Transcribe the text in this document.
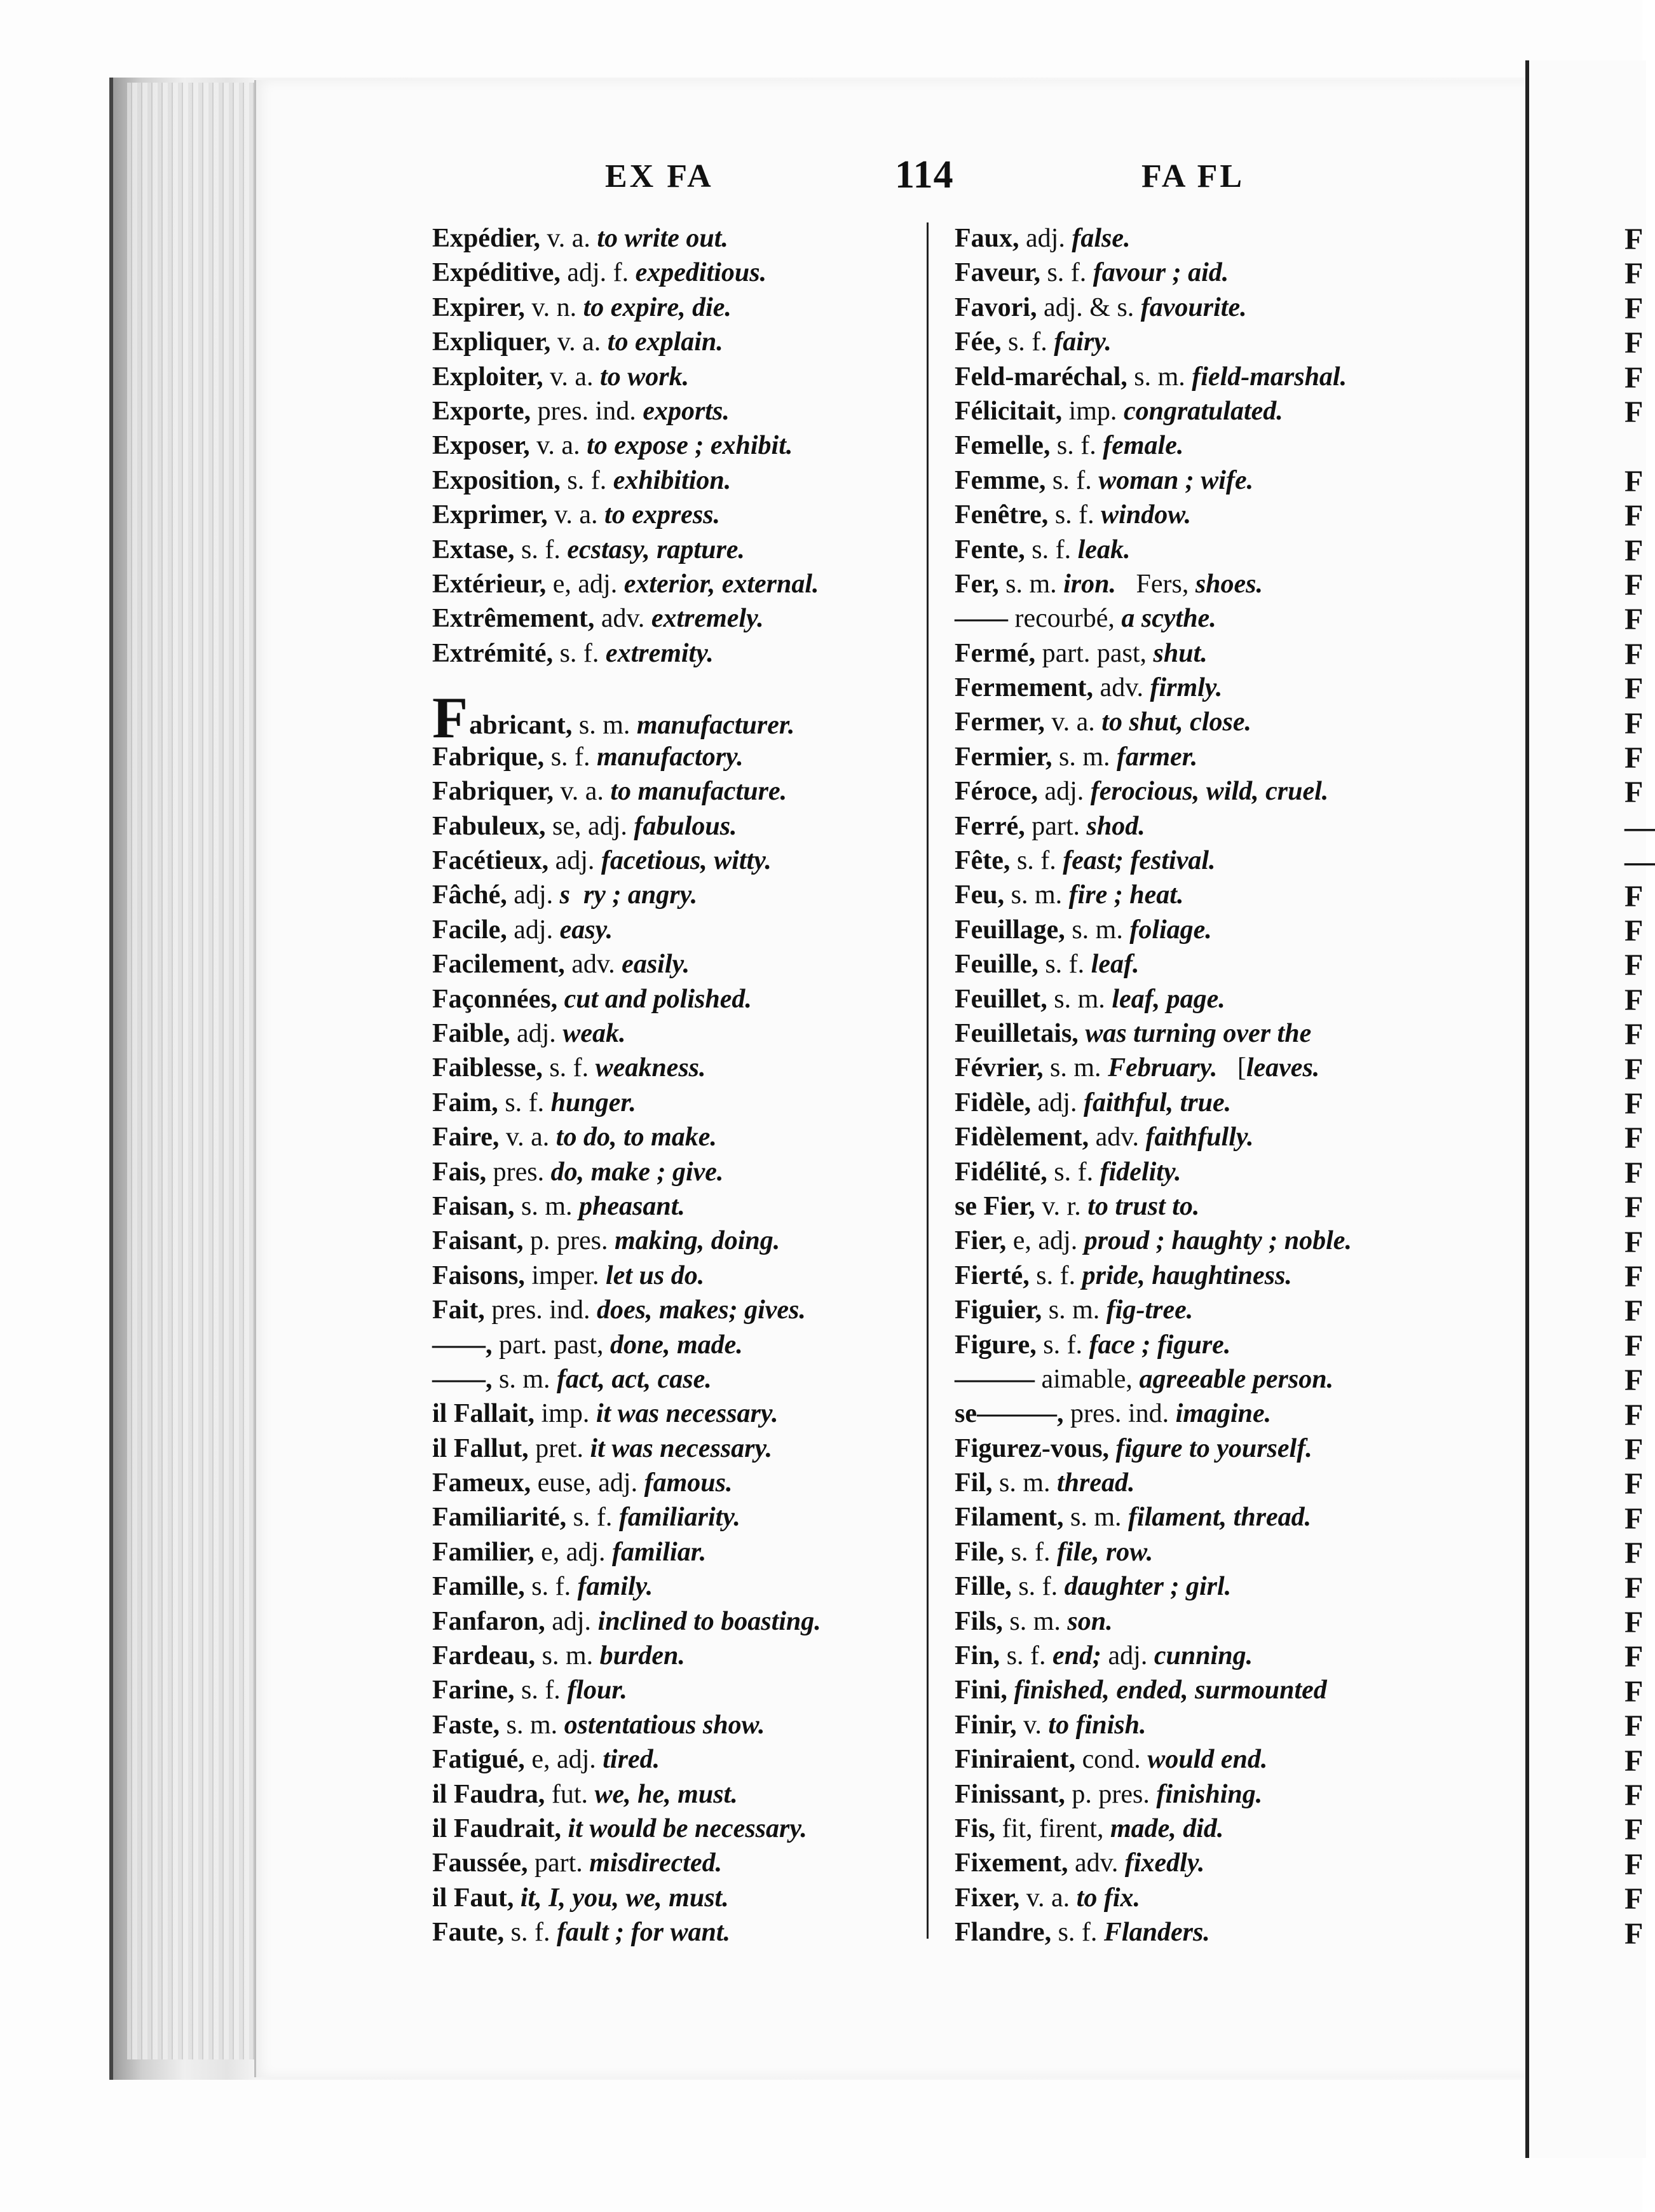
F
F
F
F
F
F
F
F
F
F
F
F
F
F
F
F
—
—
F
F
F
F
F
F
F
F
F
F
F
F
F
F
F
F
F
F
F
F
F
F
F
F
F
F
F
F
F
F
F
EX FA	114	FA FL
Expédier, v. a. to write out.
Expéditive, adj. f. expeditious.
Expirer, v. n. to expire, die.
Expliquer, v. a. to explain.
Exploiter, v. a. to work.
Exporte, pres. ind. exports.
Exposer, v. a. to expose ; exhibit.
Exposition, s. f. exhibition.
Exprimer, v. a. to express.
Extase, s. f. ecstasy, rapture.
Extérieur, e, adj. exterior, external.
Extrêmement, adv. extremely.
Extrémité, s. f. extremity.
Fabricant, s. m. manufacturer.
Fabrique, s. f. manufactory.
Fabriquer, v. a. to manufacture.
Fabuleux, se, adj. fabulous.
Facétieux, adj. facetious, witty.
Fâché, adj. s  ry ; angry.
Facile, adj. easy.
Facilement, adv. easily.
Façonnées, cut and polished.
Faible, adj. weak.
Faiblesse, s. f. weakness.
Faim, s. f. hunger.
Faire, v. a. to do, to make.
Fais, pres. do, make ; give.
Faisan, s. m. pheasant.
Faisant, p. pres. making, doing.
Faisons, imper. let us do.
Fait, pres. ind. does, makes; gives.
——, part. past, done, made.
——, s. m. fact, act, case.
il Fallait, imp. it was necessary.
il Fallut, pret. it was necessary.
Fameux, euse, adj. famous.
Familiarité, s. f. familiarity.
Familier, e, adj. familiar.
Famille, s. f. family.
Fanfaron, adj. inclined to boasting.
Fardeau, s. m. burden.
Farine, s. f. flour.
Faste, s. m. ostentatious show.
Fatigué, e, adj. tired.
il Faudra, fut. we, he, must.
il Faudrait, it would be necessary.
Faussée, part. misdirected.
il Faut, it, I, you, we, must.
Faute, s. f. fault ; for want.
Faux, adj. false.
Faveur, s. f. favour ; aid.
Favori, adj. & s. favourite.
Fée, s. f. fairy.
Feld-maréchal, s. m. field-marshal.
Félicitait, imp. congratulated.
Femelle, s. f. female.
Femme, s. f. woman ; wife.
Fenêtre, s. f. window.
Fente, s. f. leak.
Fer, s. m. iron.   Fers, shoes.
—— recourbé, a scythe.
Fermé, part. past, shut.
Fermement, adv. firmly.
Fermer, v. a. to shut, close.
Fermier, s. m. farmer.
Féroce, adj. ferocious, wild, cruel.
Ferré, part. shod.
Fête, s. f. feast; festival.
Feu, s. m. fire ; heat.
Feuillage, s. m. foliage.
Feuille, s. f. leaf.
Feuillet, s. m. leaf, page.
Feuilletais, was turning over the
Février, s. m. February.   [leaves.
Fidèle, adj. faithful, true.
Fidèlement, adv. faithfully.
Fidélité, s. f. fidelity.
se Fier, v. r. to trust to.
Fier, e, adj. proud ; haughty ; noble.
Fierté, s. f. pride, haughtiness.
Figuier, s. m. fig-tree.
Figure, s. f. face ; figure.
——— aimable, agreeable person.
se———, pres. ind. imagine.
Figurez-vous, figure to yourself.
Fil, s. m. thread.
Filament, s. m. filament, thread.
File, s. f. file, row.
Fille, s. f. daughter ; girl.
Fils, s. m. son.
Fin, s. f. end; adj. cunning.
Fini, finished, ended, surmounted
Finir, v. to finish.
Finiraient, cond. would end.
Finissant, p. pres. finishing.
Fis, fit, firent, made, did.
Fixement, adv. fixedly.
Fixer, v. a. to fix.
Flandre, s. f. Flanders.
